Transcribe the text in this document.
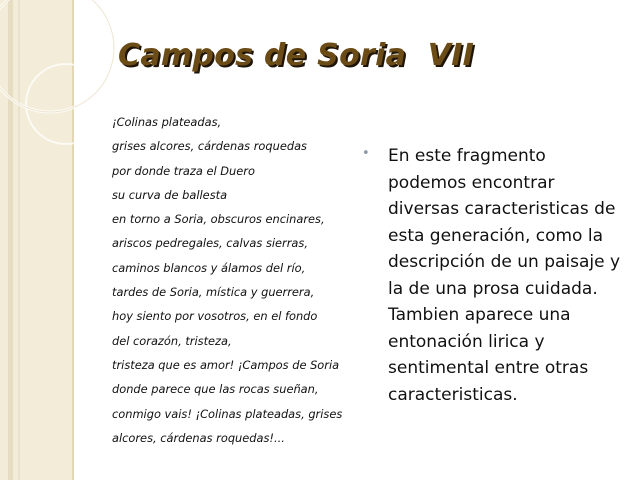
Campos de Soria  VII
¡Colinas plateadas,
grises alcores, cárdenas roquedas
por donde traza el Duero
su curva de ballesta
en torno a Soria, obscuros encinares,
ariscos pedregales, calvas sierras,
caminos blancos y álamos del río,
tardes de Soria, mística y guerrera,
hoy siento por vosotros, en el fondo
del corazón, tristeza,
tristeza que es amor! ¡Campos de Soria
donde parece que las rocas sueñan,
conmigo vais! ¡Colinas plateadas, grises
alcores, cárdenas roquedas!...
• En este fragmento podemos encontrar diversas caracteristicas de esta generación, como la descripción de un paisaje y la de una prosa cuidada. Tambien aparece una entonación lirica y sentimental entre otras caracteristicas.
